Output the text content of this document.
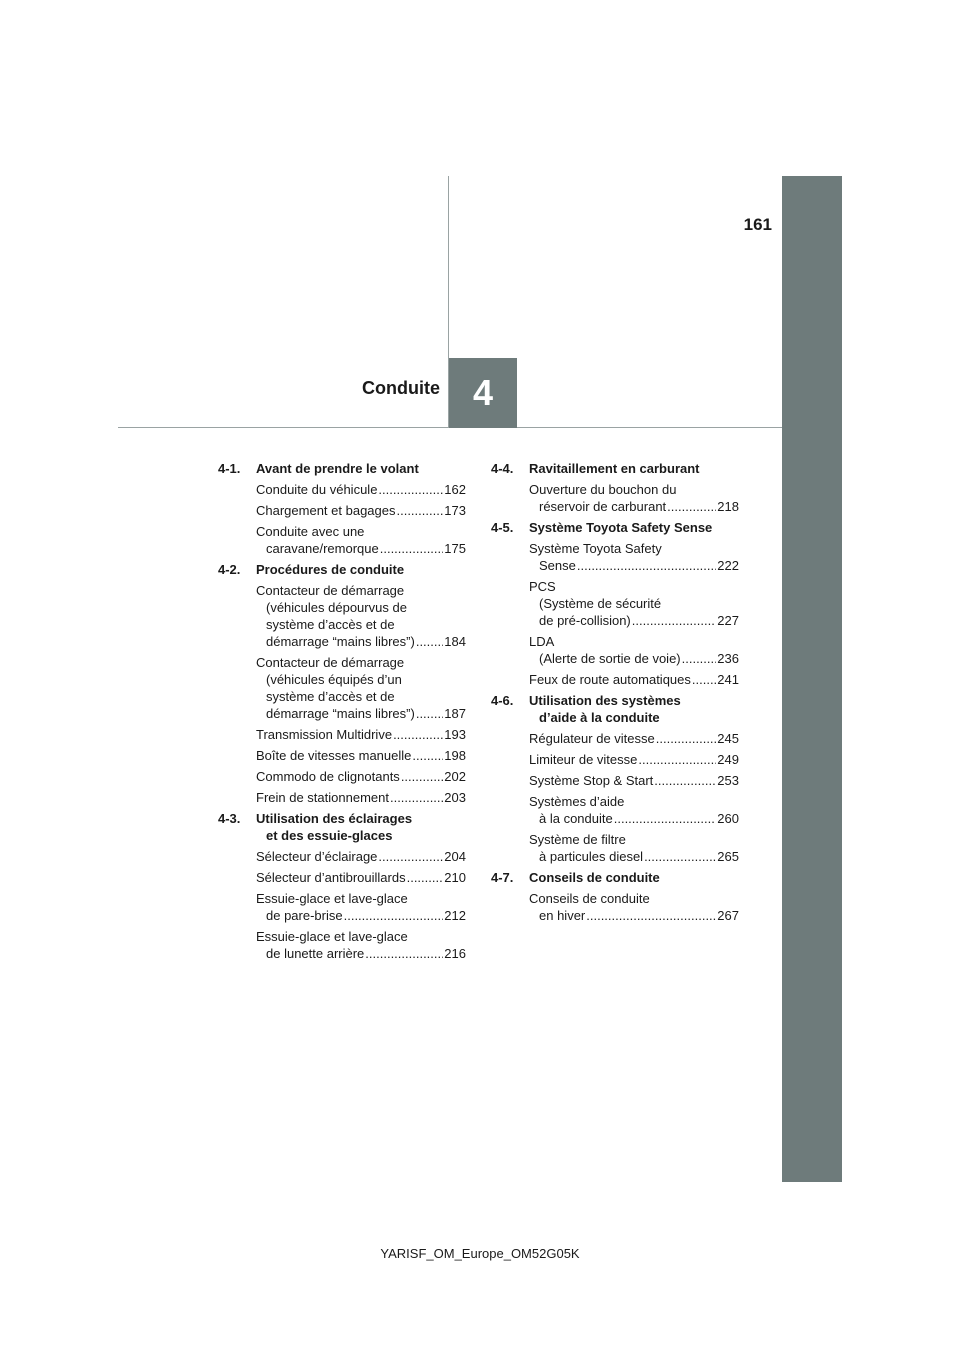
161
4
Conduite
4-1.	Avant de prendre le volant
Conduite du véhicule .....	162
Chargement et bagages .....	173
Conduite avec une
caravane/remorque .....	175
4-2.	Procédures de conduite
Contacteur de démarrage
(véhicules dépourvus de
système d’accès et de
démarrage “mains libres”) ..... 184
Contacteur de démarrage
(véhicules équipés d’un
système d’accès et de
démarrage “mains libres”) ..... 187
Transmission Multidrive .....	193
Boîte de vitesses manuelle .....	198
Commodo de clignotants .....	202
Frein de stationnement .....	203
4-3.	Utilisation des éclairages
et des essuie-glaces
Sélecteur d’éclairage .....	204
Sélecteur d’antibrouillards .....	210
Essuie-glace et lave-glace
de pare-brise .....	212
Essuie-glace et lave-glace
de lunette arrière .....	216
4-4.	Ravitaillement en carburant
Ouverture du bouchon du
réservoir de carburant .....	218
4-5.	Système Toyota Safety Sense
Système Toyota Safety
Sense .....	222
PCS
(Système de sécurité
de pré-collision) .....	227
LDA
(Alerte de sortie de voie) .....	236
Feux de route automatiques ..... 241
4-6.	Utilisation des systèmes
d’aide à la conduite
Régulateur de vitesse .....	245
Limiteur de vitesse .....	249
Système Stop & Start .....	253
Systèmes d’aide
à la conduite .....	260
Système de filtre
à particules diesel .....	265
4-7.	Conseils de conduite
Conseils de conduite
en hiver .....	267
YARISF_OM_Europe_OM52G05K
